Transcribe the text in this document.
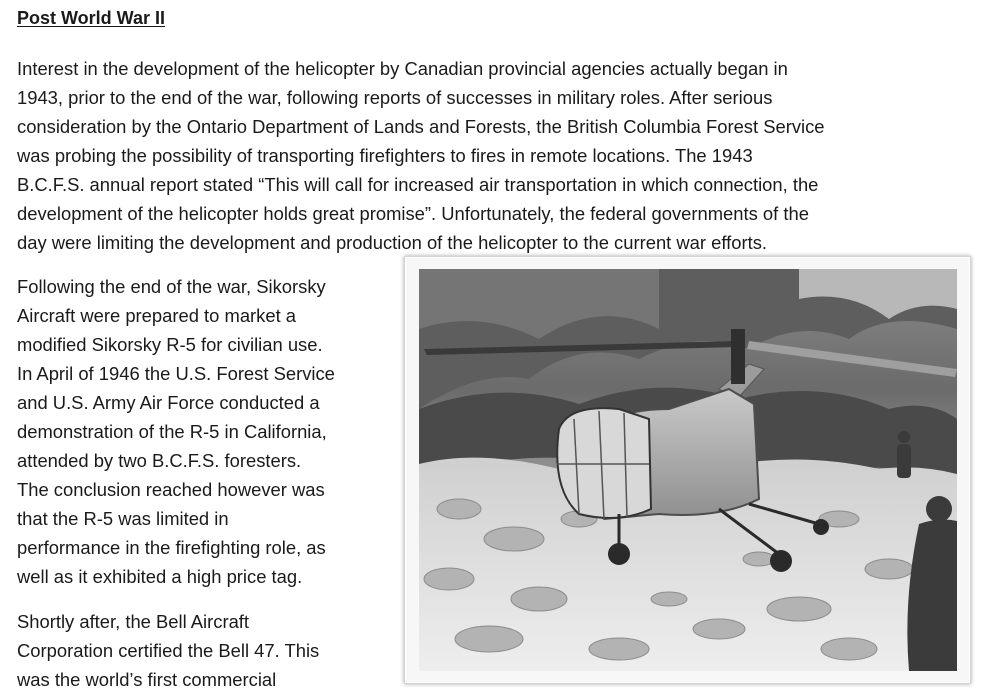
Post World War II
Interest in the development of the helicopter by Canadian provincial agencies actually began in
1943, prior to the end of the war, following reports of successes in military roles. After serious
consideration by the Ontario Department of Lands and Forests, the British Columbia Forest Service
was probing the possibility of transporting firefighters to fires in remote locations. The 1943
B.C.F.S. annual report stated “This will call for increased air transportation in which connection, the
development of the helicopter holds great promise”. Unfortunately, the federal governments of the
day were limiting the development and production of the helicopter to the current war efforts.
Following the end of the war, Sikorsky
Aircraft were prepared to market a
modified Sikorsky R-5 for civilian use.
In April of 1946 the U.S. Forest Service
and U.S. Army Air Force conducted a
demonstration of the R-5 in California,
attended by two B.C.F.S. foresters.
The conclusion reached however was
that the R-5 was limited in
performance in the firefighting role, as
well as it exhibited a high price tag.
Shortly after, the Bell Aircraft
Corporation certified the Bell 47. This
was the world’s first commercial
